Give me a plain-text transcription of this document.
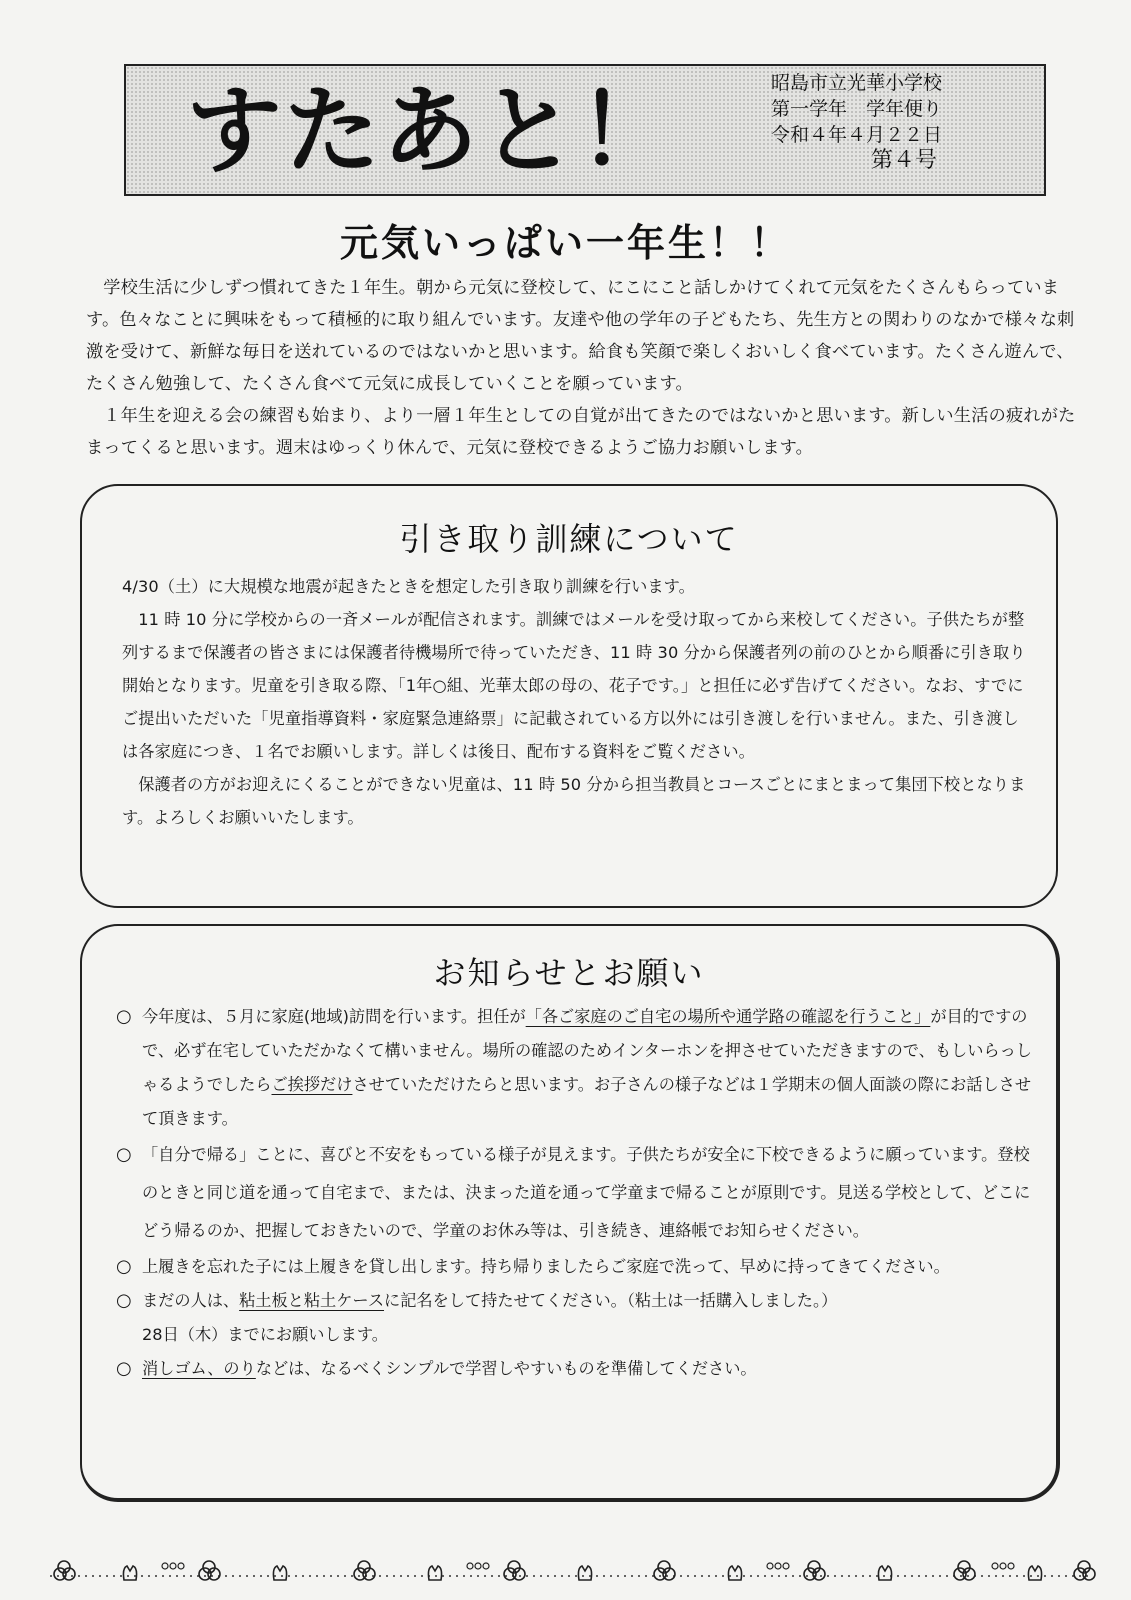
すたあと！	昭島市立光華小学校
第一学年　学年便り
令和４年４月２２日
第４号
元気いっぱい一年生！！

学校生活に少しずつ慣れてきた１年生。朝から元気に登校して、にこにこと話しかけてくれて元気をたくさんもらっています。色々なことに興味をもって積極的に取り組んでいます。友達や他の学年の子どもたち、先生方との関わりのなかで様々な刺激を受けて、新鮮な毎日を送れているのではないかと思います。給食も笑顔で楽しくおいしく食べています。たくさん遊んで、たくさん勉強して、たくさん食べて元気に成長していくことを願っています。

１年生を迎える会の練習も始まり、より一層１年生としての自覚が出てきたのではないかと思います。新しい生活の疲れがたまってくると思います。週末はゆっくり休んで、元気に登校できるようご協力お願いします。

引き取り訓練について

4/30（土）に大規模な地震が起きたときを想定した引き取り訓練を行います。

11 時 10 分に学校からの一斉メールが配信されます。訓練ではメールを受け取ってから来校してください。子供たちが整列するまで保護者の皆さまには保護者待機場所で待っていただき、11 時 30 分から保護者列の前のひとから順番に引き取り開始となります。児童を引き取る際、「1年○組、光華太郎の母の、花子です。」と担任に必ず告げてください。なお、すでにご提出いただいた「児童指導資料・家庭緊急連絡票」に記載されている方以外には引き渡しを行いません。また、引き渡しは各家庭につき、１名でお願いします。詳しくは後日、配布する資料をご覧ください。

保護者の方がお迎えにくることができない児童は、11 時 50 分から担当教員とコースごとにまとまって集団下校となります。よろしくお願いいたします。

お知らせとお願い

○ 今年度は、５月に家庭(地域)訪問を行います。担任が「各ご家庭のご自宅の場所や通学路の確認を行うこと」が目的ですので、必ず在宅していただかなくて構いません。場所の確認のためインターホンを押させていただきますので、もしいらっしゃるようでしたらご挨拶だけさせていただけたらと思います。お子さんの様子などは１学期末の個人面談の際にお話しさせて頂きます。

○ 「自分で帰る」ことに、喜びと不安をもっている様子が見えます。子供たちが安全に下校できるように願っています。登校のときと同じ道を通って自宅まで、または、決まった道を通って学童まで帰ることが原則です。見送る学校として、どこにどう帰るのか、把握しておきたいので、学童のお休み等は、引き続き、連絡帳でお知らせください。

○ 上履きを忘れた子には上履きを貸し出します。持ち帰りましたらご家庭で洗って、早めに持ってきてください。

○ まだの人は、粘土板と粘土ケースに記名をして持たせてください。（粘土は一括購入しました。）

28日（木）までにお願いします。

○ 消しゴム、のりなどは、なるべくシンプルで学習しやすいものを準備してください。
